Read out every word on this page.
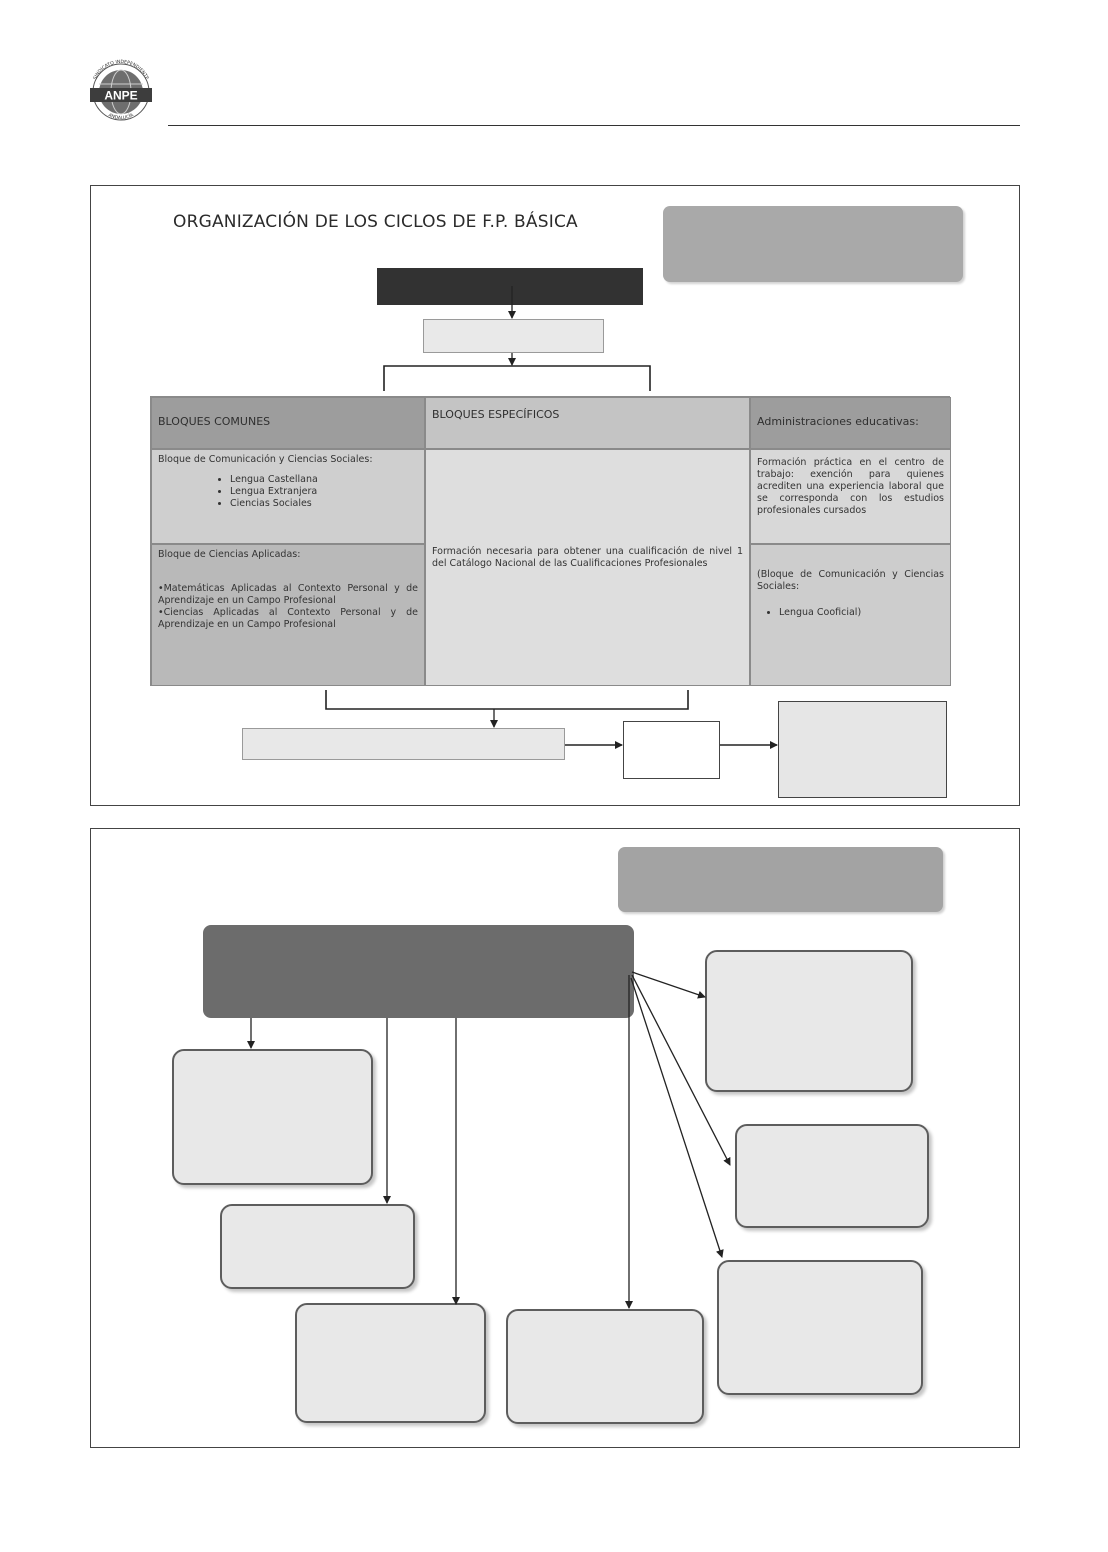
ANPE
SINDICATO INDEPENDIENTE
ANDALUCÍA
ORGANIZACIÓN DE LOS CICLOS DE F.P. BÁSICA
BLOQUES COMUNES
BLOQUES ESPECÍFICOS
Administraciones educativas:
Bloque de Comunicación y Ciencias Sociales:
• Lengua Castellana
• Lengua Extranjera
• Ciencias Sociales
Bloque de Ciencias Aplicadas:

•Matemáticas Aplicadas al Contexto Personal y de Aprendizaje en un Campo Profesional

•Ciencias Aplicadas al Contexto Personal y de Aprendizaje en un Campo Profesional

Formación necesaria para obtener una cualificación de nivel 1 del Catálogo Nacional de las Cualificaciones Profesionales
Formación práctica en el centro de trabajo: exención para quienes acrediten una experiencia laboral que se corresponda con los estudios profesionales cursados
(Bloque de Comunicación y Ciencias Sociales:
• Lengua Cooficial)
